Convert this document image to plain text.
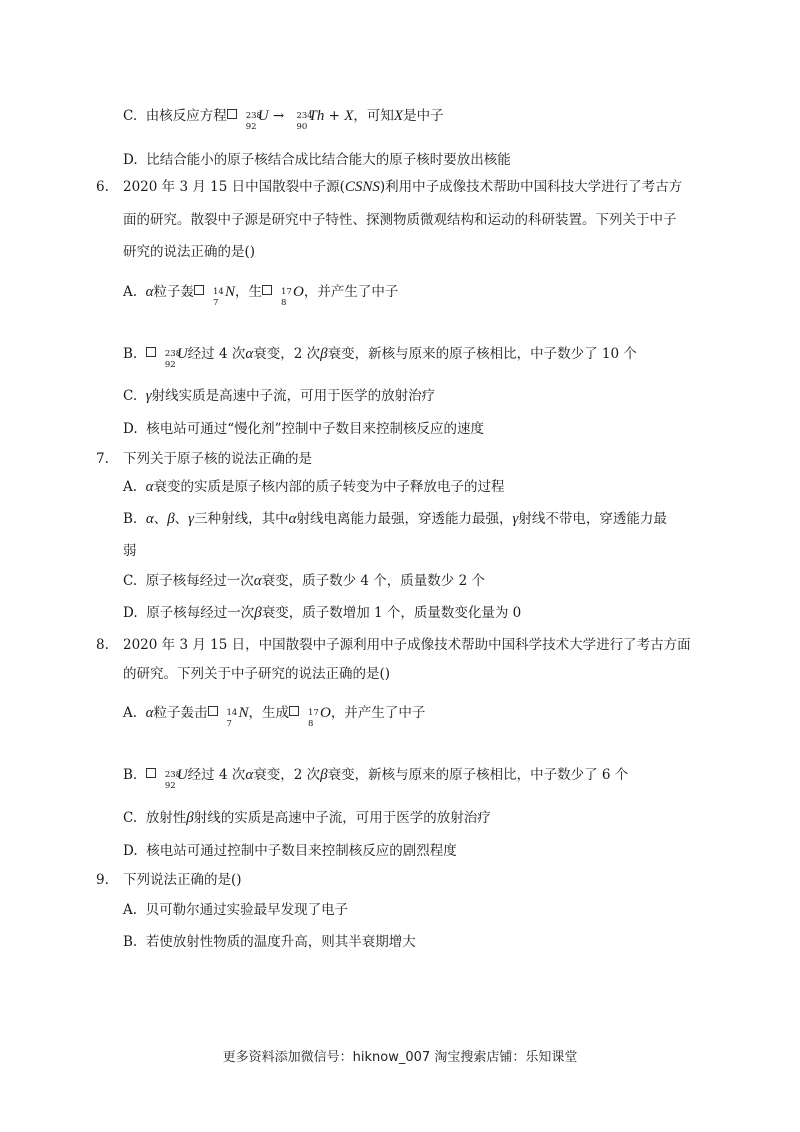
C. 由核反应方程 238
92
U → 234
90
Th + X，可知X是中子
D. 比结合能小的原子核结合成比结合能大的原子核时要放出核能
6. 2020 年 3 月 15 日中国散裂中子源(CSNS)利用中子成像技术帮助中国科技大学进行了考古方
面的研究。散裂中子源是研究中子特性、探测物质微观结构和运动的科研装置。下列关于中子
研究的说法正确的是()
A. α粒子轰 14
7
N，生 17
8
O，并产生了中子
B.	238
92
U经过 4 次α衰变，2 次β衰变，新核与原来的原子核相比，中子数少了 10 个
C. γ射线实质是高速中子流，可用于医学的放射治疗
D. 核电站可通过“慢化剂”控制中子数目来控制核反应的速度
7. 下列关于原子核的说法正确的是
A. α衰变的实质是原子核内部的质子转变为中子释放电子的过程
B. α、β、γ三种射线，其中α射线电离能力最强，穿透能力最强，γ射线不带电，穿透能力最
弱
C. 原子核每经过一次α衰变，质子数少 4 个，质量数少 2 个
D. 原子核每经过一次β衰变，质子数增加 1 个，质量数变化量为 0
8. 2020 年 3 月 15 日，中国散裂中子源利用中子成像技术帮助中国科学技术大学进行了考古方面
的研究。下列关于中子研究的说法正确的是()
A. α粒子轰击 14
7
N，生成 17
8
O，并产生了中子
B.	238
92
U经过 4 次α衰变，2 次β衰变，新核与原来的原子核相比，中子数少了 6 个
C. 放射性β射线的实质是高速中子流，可用于医学的放射治疗
D. 核电站可通过控制中子数目来控制核反应的剧烈程度
9. 下列说法正确的是()
A. 贝可勒尔通过实验最早发现了电子
B. 若使放射性物质的温度升高，则其半衰期增大
更多资料添加微信号：hiknow_007 淘宝搜索店铺：乐知课堂
